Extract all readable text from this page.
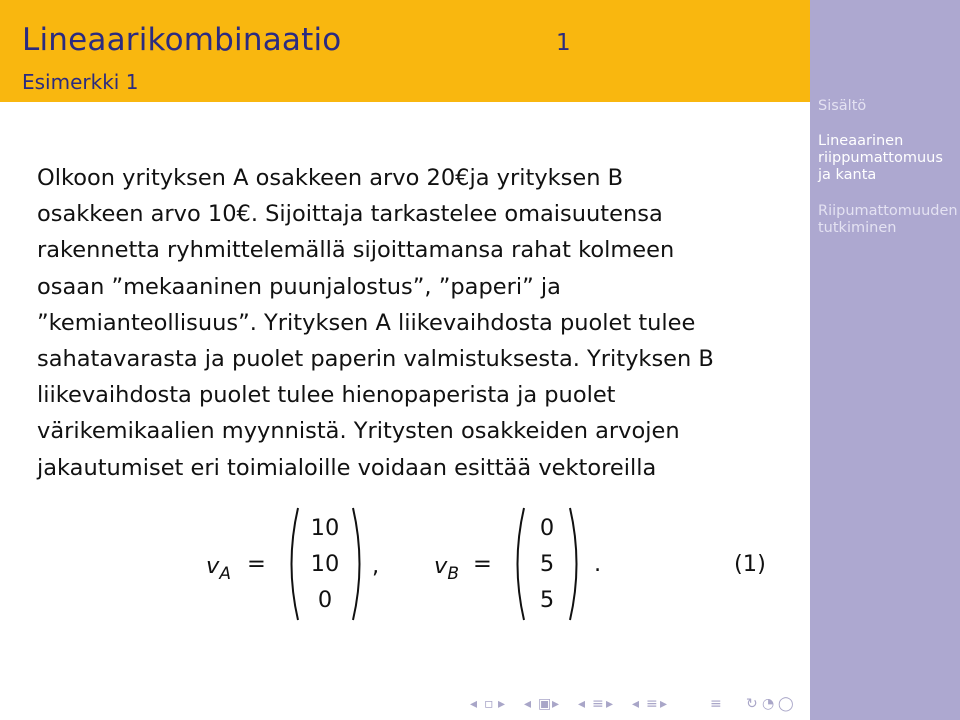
Lineaarikombinaatio	1
Esimerkki 1
Sisältö
Lineaarinen
riippumattomuus
ja kanta
Riipumattomuuden
tutkiminen
Olkoon yrityksen A osakkeen arvo 20€ja yrityksen B
osakkeen arvo 10€. Sijoittaja tarkastelee omaisuutensa
rakennetta ryhmittelemällä sijoittamansa rahat kolmeen
osaan ”mekaaninen puunjalostus”, ”paperi” ja
”kemianteollisuus”. Yrityksen A liikevaihdosta puolet tulee
sahatavarasta ja puolet paperin valmistuksesta. Yrityksen B
liikevaihdosta puolet tulee hienopaperista ja puolet
värikemikaalien myynnistä. Yritysten osakkeiden arvojen
jakautumiset eri toimialoille voidaan esittää vektoreilla
$v_A$ =
10
10
0
, $v_B$ =
0
5
5
.	(1)
◂ ▫ ▸ ◂ ▣ ▸ ◂ ≡ ▸ ◂ ≡ ▸	≡ ↻ ◔ ◯
